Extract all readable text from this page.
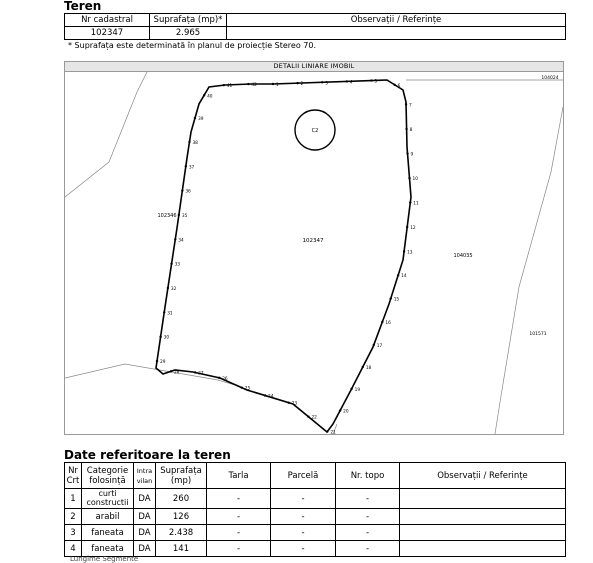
Teren
Nr cadastral	Suprafața (mp)*	Observații / Referințe
102347	2.965	
* Suprafața este determinată în planul de proiecție Stereo 70.
DETALII LINIARE IMOBIL
C2
102347
102346
104035
104024
101571
1	2	3	4	5
6
7
8
9
10
11
12
13
14
15
16
17
18
19
20
21
22
23
24
25
26
27
28
29
30
31
32
33
34
35
36
37
38
39
40
41	42
Date referitoare la teren
Nr Crt	Categorie folosință	Intra vilan	Suprafața (mp)	Tarla	Parcelă	Nr. topo	Observații / Referințe
1	curti constructii	DA	260	-	-	-	
2	arabil	DA	126	-	-	-	
3	faneata	DA	2.438	-	-	-	
4	faneata	DA	141	-	-	-	
Lungime Segmente
